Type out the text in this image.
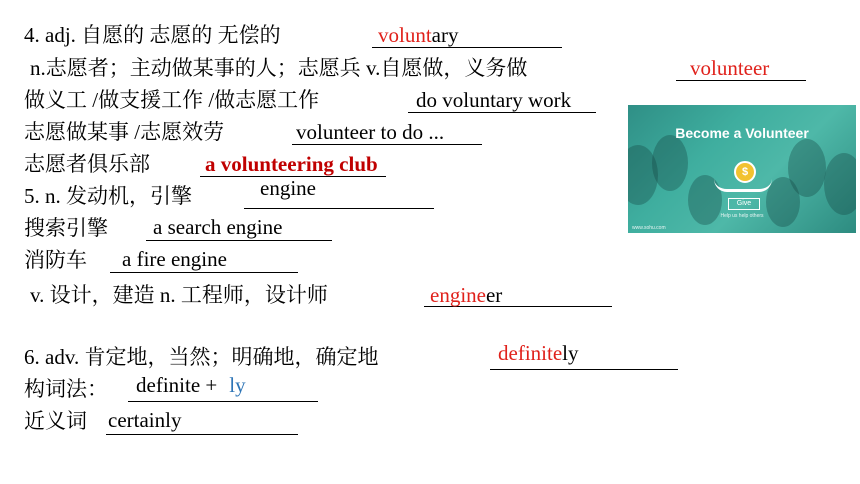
4. adj. 自愿的 志愿的 无偿的	voluntary
n.志愿者；主动做某事的人；志愿兵 v.自愿做，义务做	volunteer
做义工 /做支援工作 /做志愿工作	do voluntary work
志愿做某事 /志愿效劳	volunteer to do ...
志愿者俱乐部	a volunteering club
5. n. 发动机，引擎	engine
搜索引擎 a search engine
消防车 a fire engine
v. 设计，建造 n. 工程师，设计师	engineer
6. adv. 肯定地，当然；明确地，确定地	definitely
构词法： definite + ly
近义词 certainly
Become a Volunteer
$
Give
Help us help others
www.sohu.com
